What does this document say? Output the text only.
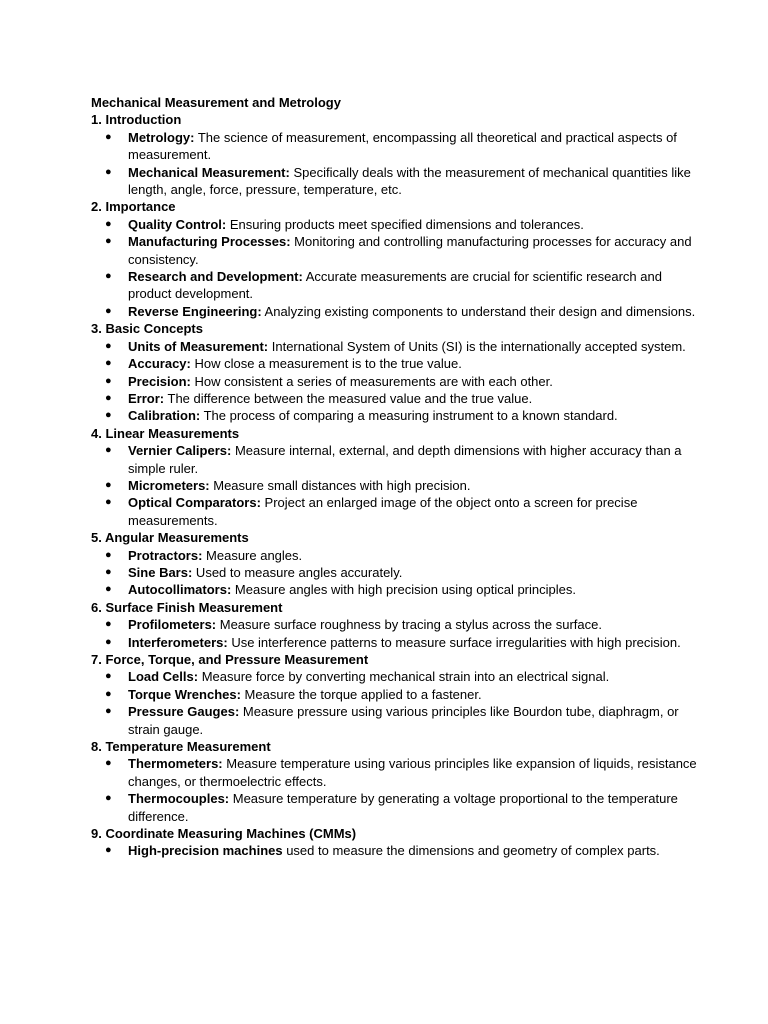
Mechanical Measurement and Metrology
1. Introduction
● Metrology: The science of measurement, encompassing all theoretical and practical aspects of measurement.
● Mechanical Measurement: Specifically deals with the measurement of mechanical quantities like length, angle, force, pressure, temperature, etc.
2. Importance
● Quality Control: Ensuring products meet specified dimensions and tolerances.
● Manufacturing Processes: Monitoring and controlling manufacturing processes for accuracy and consistency.
● Research and Development: Accurate measurements are crucial for scientific research and product development.
● Reverse Engineering: Analyzing existing components to understand their design and dimensions.
3. Basic Concepts
● Units of Measurement: International System of Units (SI) is the internationally accepted system.
● Accuracy: How close a measurement is to the true value.
● Precision: How consistent a series of measurements are with each other.
● Error: The difference between the measured value and the true value.
● Calibration: The process of comparing a measuring instrument to a known standard.
4. Linear Measurements
● Vernier Calipers: Measure internal, external, and depth dimensions with higher accuracy than a simple ruler.
● Micrometers: Measure small distances with high precision.
● Optical Comparators: Project an enlarged image of the object onto a screen for precise measurements.
5. Angular Measurements
● Protractors: Measure angles.
● Sine Bars: Used to measure angles accurately.
● Autocollimators: Measure angles with high precision using optical principles.
6. Surface Finish Measurement
● Profilometers: Measure surface roughness by tracing a stylus across the surface.
● Interferometers: Use interference patterns to measure surface irregularities with high precision.
7. Force, Torque, and Pressure Measurement
● Load Cells: Measure force by converting mechanical strain into an electrical signal.
● Torque Wrenches: Measure the torque applied to a fastener.
● Pressure Gauges: Measure pressure using various principles like Bourdon tube, diaphragm, or strain gauge.
8. Temperature Measurement
● Thermometers: Measure temperature using various principles like expansion of liquids, resistance changes, or thermoelectric effects.
● Thermocouples: Measure temperature by generating a voltage proportional to the temperature difference.
9. Coordinate Measuring Machines (CMMs)
● High-precision machines used to measure the dimensions and geometry of complex parts.
